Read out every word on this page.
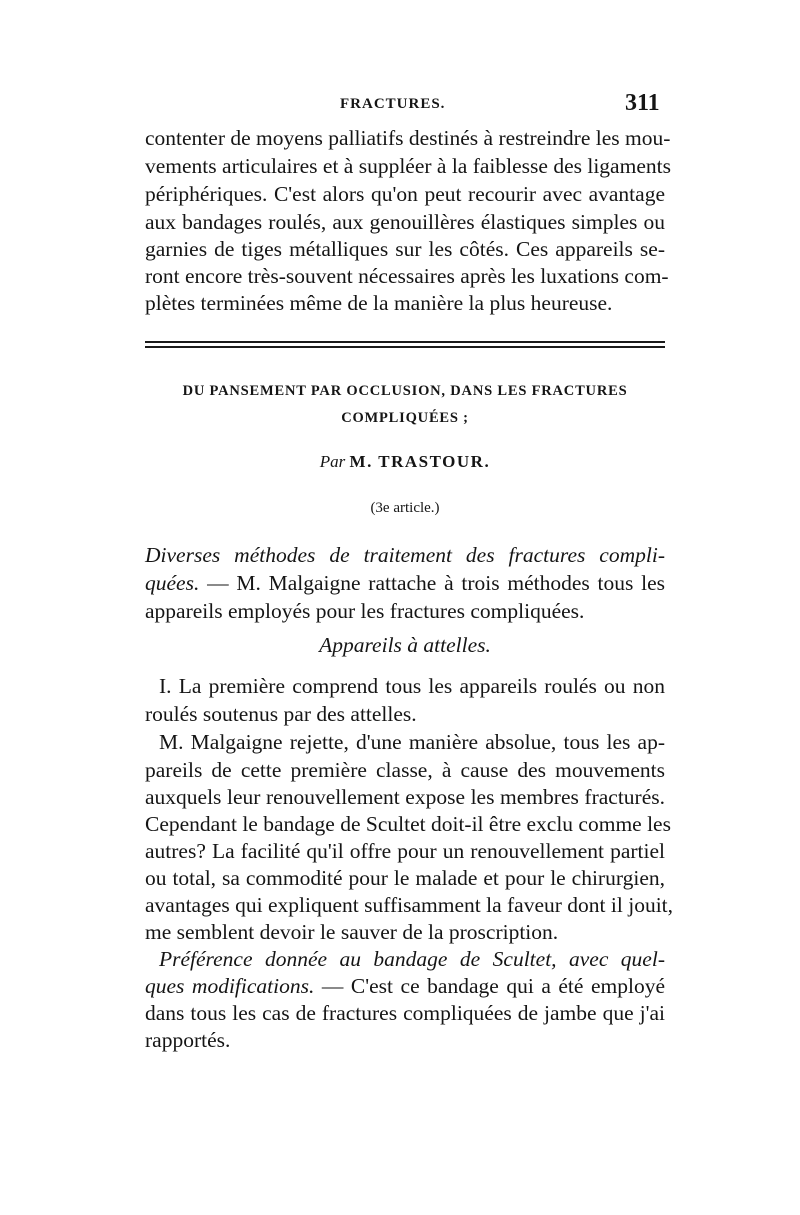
FRACTURES.	311
contenter de moyens palliatifs destinés à restreindre les mou-
vements articulaires et à suppléer à la faiblesse des ligaments
périphériques. C'est alors qu'on peut recourir avec avantage
aux bandages roulés, aux genouillères élastiques simples ou
garnies de tiges métalliques sur les côtés. Ces appareils se-
ront encore très-souvent nécessaires après les luxations com-
plètes terminées même de la manière la plus heureuse.
DU PANSEMENT PAR OCCLUSION, DANS LES FRACTURES
COMPLIQUÉES ;
Par M. TRASTOUR.
(3e article.)
Diverses méthodes de traitement des fractures compli-
quées. — M. Malgaigne rattache à trois méthodes tous les
appareils employés pour les fractures compliquées.
Appareils à attelles.
I. La première comprend tous les appareils roulés ou non
roulés soutenus par des attelles.
M. Malgaigne rejette, d'une manière absolue, tous les ap-
pareils de cette première classe, à cause des mouvements
auxquels leur renouvellement expose les membres fracturés.
Cependant le bandage de Scultet doit-il être exclu comme les
autres? La facilité qu'il offre pour un renouvellement partiel
ou total, sa commodité pour le malade et pour le chirurgien,
avantages qui expliquent suffisamment la faveur dont il jouit,
me semblent devoir le sauver de la proscription.
Préférence donnée au bandage de Scultet, avec quel-
ques modifications. — C'est ce bandage qui a été employé
dans tous les cas de fractures compliquées de jambe que j'ai
rapportés.
